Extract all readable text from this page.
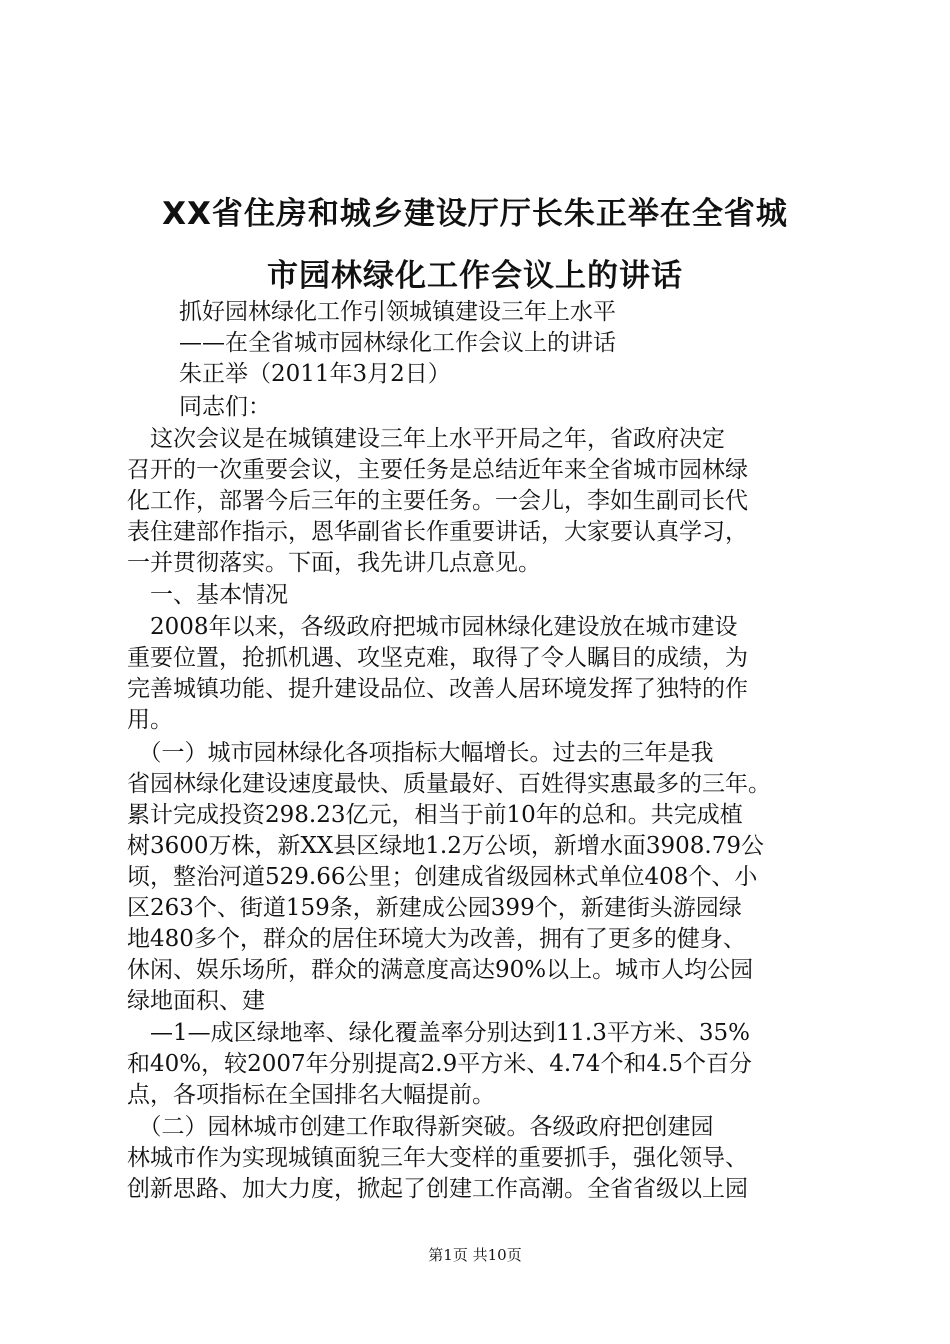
XX省住房和城乡建设厅厅长朱正举在全省城
市园林绿化工作会议上的讲话

抓好园林绿化工作引领城镇建设三年上水平

——在全省城市园林绿化工作会议上的讲话

朱正举（2011年3月2日）

同志们：

　这次会议是在城镇建设三年上水平开局之年，省政府决定

召开的一次重要会议，主要任务是总结近年来全省城市园林绿

化工作，部署今后三年的主要任务。一会儿，李如生副司长代

表住建部作指示，恩华副省长作重要讲话，大家要认真学习，

一并贯彻落实。下面，我先讲几点意见。

　一、基本情况

　2008年以来，各级政府把城市园林绿化建设放在城市建设

重要位置，抢抓机遇、攻坚克难，取得了令人瞩目的成绩，为

完善城镇功能、提升建设品位、改善人居环境发挥了独特的作

用。

　（一）城市园林绿化各项指标大幅增长。过去的三年是我

省园林绿化建设速度最快、质量最好、百姓得实惠最多的三年。

累计完成投资298.23亿元，相当于前10年的总和。共完成植

树3600万株，新XX县区绿地1.2万公顷，新增水面3908.79公

顷，整治河道529.66公里；创建成省级园林式单位408个、小

区263个、街道159条，新建成公园399个，新建街头游园绿

地480多个，群众的居住环境大为改善，拥有了更多的健身、

休闲、娱乐场所，群众的满意度高达90%以上。城市人均公园

绿地面积、建

　—1—成区绿地率、绿化覆盖率分别达到11.3平方米、35%

和40%，较2007年分别提高2.9平方米、4.74个和4.5个百分

点，各项指标在全国排名大幅提前。

　（二）园林城市创建工作取得新突破。各级政府把创建园

林城市作为实现城镇面貌三年大变样的重要抓手，强化领导、

创新思路、加大力度，掀起了创建工作高潮。全省省级以上园

第1页 共10页
